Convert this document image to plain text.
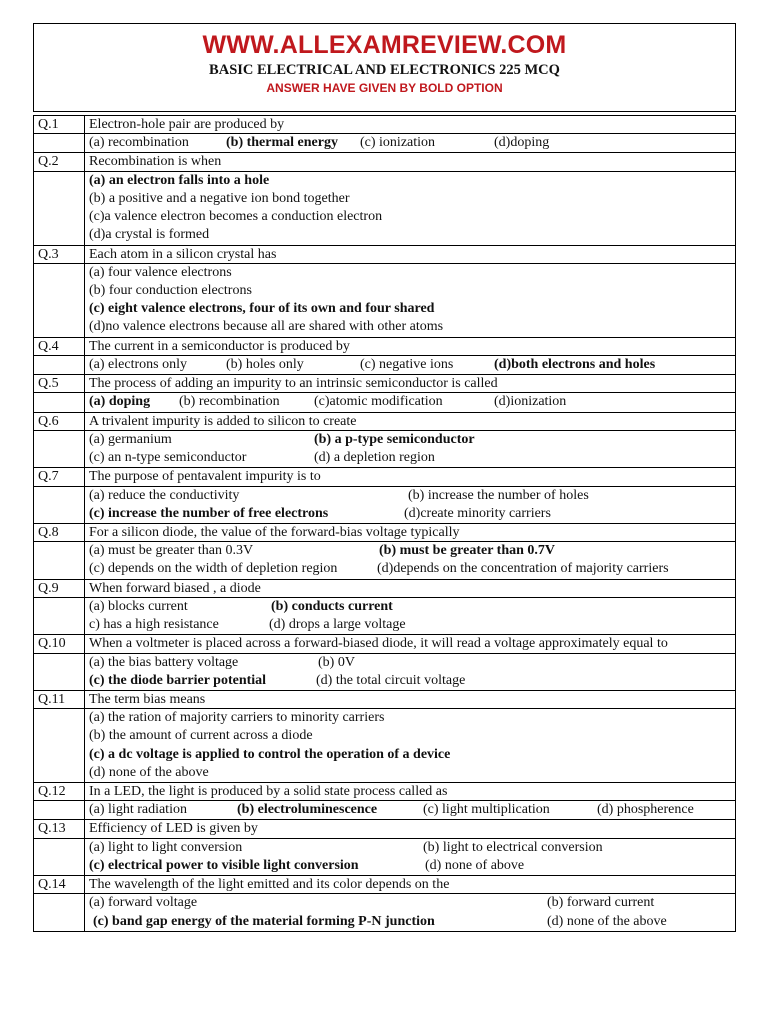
WWW.ALLEXAMREVIEW.COM
BASIC ELECTRICAL AND ELECTRONICS 225 MCQ
ANSWER HAVE GIVEN BY BOLD OPTION
Q.1	Electron-hole pair are produced by

	(a) recombination (b) thermal energy (c) ionization (d)doping

Q.2	Recombination is when

	(a) an electron falls into a hole
(b) a positive and a negative ion bond together
(c)a valence electron becomes a conduction electron
(d)a crystal is formed

Q.3	Each atom in a silicon crystal has

	(a) four valence electrons
(b) four conduction electrons
(c) eight valence electrons, four of its own and four shared
(d)no valence electrons because all are shared with other atoms

Q.4	The current in a semiconductor is produced by

	(a) electrons only (b) holes only (c) negative ions (d)both electrons and holes

Q.5	The process of adding an impurity to an intrinsic semiconductor is called

	(a) doping (b) recombination (c)atomic modification (d)ionization

Q.6	A trivalent impurity is added to silicon to create

	(a) germanium (b) a p-type semiconductor
(c) an n-type semiconductor (d) a depletion region

Q.7	The purpose of pentavalent impurity is to

	(a) reduce the conductivity (b) increase the number of holes
(c) increase the number of free electrons (d)create minority carriers

Q.8	For a silicon diode, the value of the forward-bias voltage typically

	(a) must be greater than 0.3V (b) must be greater than 0.7V
(c) depends on the width of depletion region (d)depends on the concentration of majority carriers

Q.9	When forward biased , a diode

	(a) blocks current (b) conducts current
c) has a high resistance (d) drops a large voltage

Q.10	When a voltmeter is placed across a forward-biased diode, it will read a voltage approximately equal to

	(a) the bias battery voltage (b) 0V
(c) the diode barrier potential (d) the total circuit voltage

Q.11	The term bias means

	(a) the ration of majority carriers to minority carriers
(b) the amount of current across a diode
(c) a dc voltage is applied to control the operation of a device
(d) none of the above

Q.12	In a LED, the light is produced by a solid state process called as

	(a) light radiation (b) electroluminescence (c) light multiplication (d) phospherence

Q.13	Efficiency of LED is given by

	(a) light to light conversion (b) light to electrical conversion
(c) electrical power to visible light conversion (d) none of above

Q.14	The wavelength of the light emitted and its color depends on the

	(a) forward voltage (b) forward current
(c) band gap energy of the material forming P-N junction (d) none of the above
